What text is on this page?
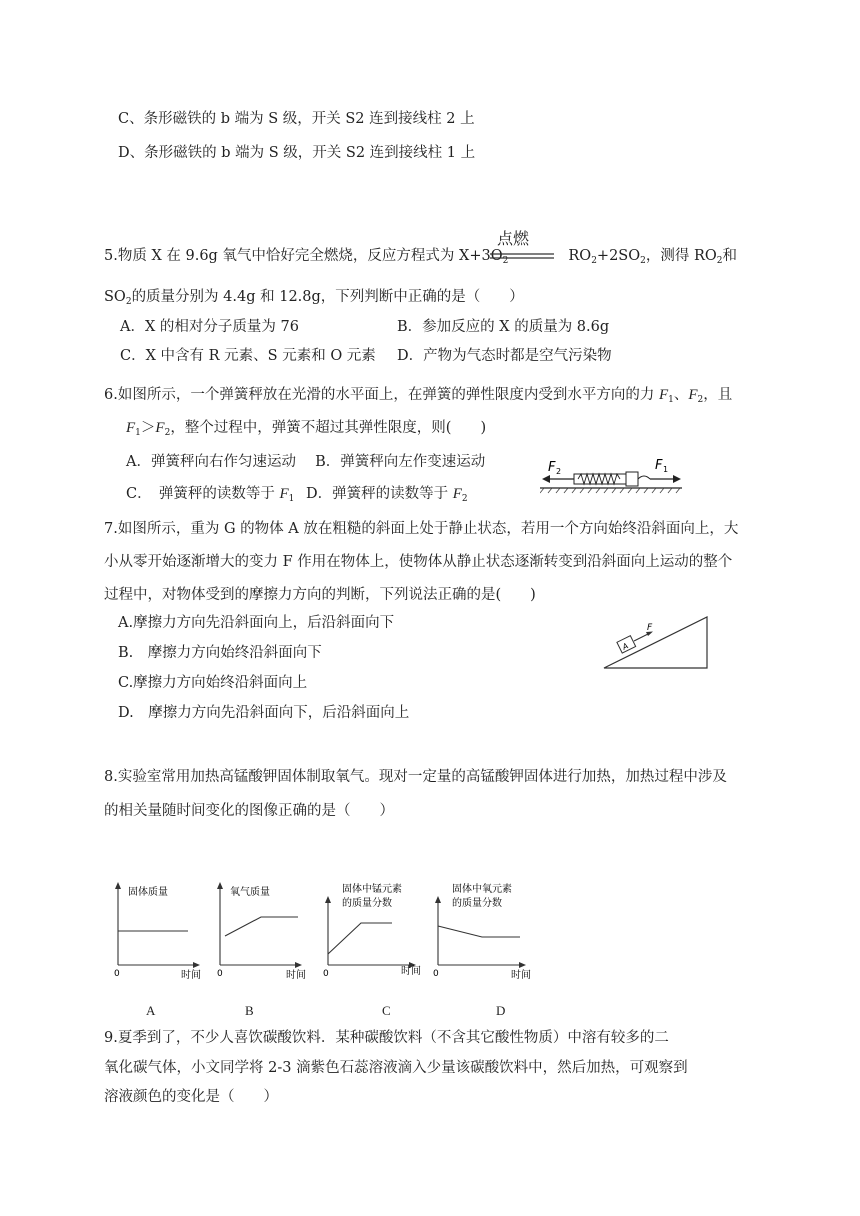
C、条形磁铁的 b 端为 S 级，开关 S2 连到接线柱 2 上
D、条形磁铁的 b 端为 S 级，开关 S2 连到接线柱 1 上
5.物质 X 在 9.6g 氧气中恰好完全燃烧，反应方程式为 $X+3O_2$	$RO_2+2SO_2$，测得 $RO_2$和
点燃
$SO_2$的质量分别为 4.4g 和 12.8g，下列判断中正确的是（　　）
A．X 的相对分子质量为 76	B．参加反应的 X 的质量为 8.6g
C．X 中含有 R 元素、S 元素和 O 元素 D．产物为气态时都是空气污染物
6.如图所示，一个弹簧秤放在光滑的水平面上，在弹簧的弹性限度内受到水平方向的力 $F_1$、$F_2$，且
$F_1>F_2$，整个过程中，弹簧不超过其弹性限度，则(　　)
A．弹簧秤向右作匀速运动　 B．弹簧秤向左作变速运动
C．　弹簧秤的读数等于 $F_1$ D．弹簧秤的读数等于 $F_2$
F 2	F 1
7.如图所示，重为 G 的物体 A 放在粗糙的斜面上处于静止状态，若用一个方向始终沿斜面向上，大
小从零开始逐渐增大的变力 F 作用在物体上，使物体从静止状态逐渐转变到沿斜面向上运动的整个
过程中，对物体受到的摩擦力方向的判断，下列说法正确的是(　　)
A.摩擦力方向先沿斜面向上，后沿斜面向下
B.　摩擦力方向始终沿斜面向下
C.摩擦力方向始终沿斜面向上
D.　摩擦力方向先沿斜面向下，后沿斜面向上
A
F
8.实验室常用加热高锰酸钾固体制取氧气。现对一定量的高锰酸钾固体进行加热，加热过程中涉及
的相关量随时间变化的图像正确的是（　　）
固体质量
0	时间
氧气质量
0	时间
固体中锰元素
的质量分数
0	时间
固体中氧元素
的质量分数
0	时间
A	B	C	D
9.夏季到了，不少人喜饮碳酸饮料．某种碳酸饮料（不含其它酸性物质）中溶有较多的二
氧化碳气体，小文同学将 2-3 滴紫色石蕊溶液滴入少量该碳酸饮料中，然后加热，可观察到
溶液颜色的变化是（　　）
